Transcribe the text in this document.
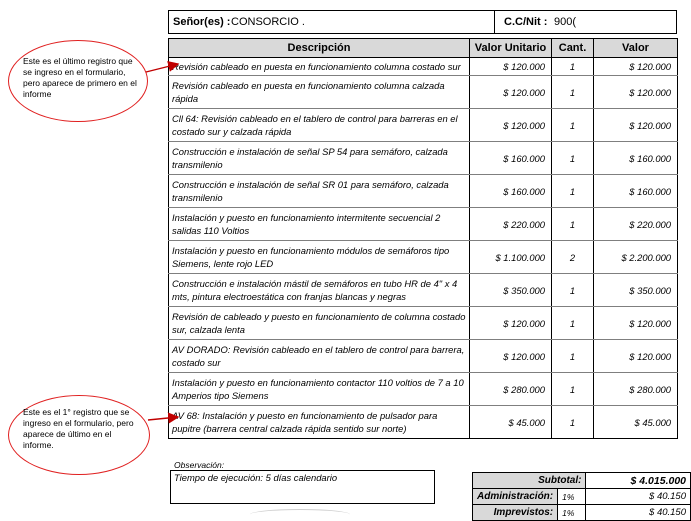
Señor(es) : CONSORCIO .	C.C/Nit : 900(
Descripción	Valor Unitario	Cant.	Valor
Revisión cableado en puesta en funcionamiento columna costado sur	$ 120.000	1	$ 120.000
Revisión cableado en puesta en funcionamiento columna calzada rápida	$ 120.000	1	$ 120.000
Cll 64: Revisión cableado en el tablero de control para barreras en el costado sur y calzada rápida	$ 120.000	1	$ 120.000
Construcción e instalación de señal SP 54 para semáforo, calzada transmilenio	$ 160.000	1	$ 160.000
Construcción e instalación de señal SR 01 para semáforo, calzada transmilenio	$ 160.000	1	$ 160.000
Instalación y puesto en funcionamiento intermitente secuencial 2 salidas 110 Voltios	$ 220.000	1	$ 220.000
Instalación y puesto en funcionamiento módulos de semáforos tipo Siemens, lente rojo LED	$ 1.100.000	2	$ 2.200.000
Construcción e instalación mástil de semáforos en tubo HR de 4" x 4 mts, pintura electroestática con franjas blancas y negras	$ 350.000	1	$ 350.000
Revisión de cableado y puesto en funcionamiento de columna costado sur, calzada lenta	$ 120.000	1	$ 120.000
AV DORADO: Revisión cableado en el tablero de control para barrera, costado sur	$ 120.000	1	$ 120.000
Instalación y puesto en funcionamiento contactor 110 voltios de 7 a 10 Amperios tipo Siemens	$ 280.000	1	$ 280.000
AV 68: Instalación y puesto en funcionamiento de pulsador para pupitre (barrera central calzada rápida sentido sur norte)	$ 45.000	1	$ 45.000
Este es el último registro que se ingreso en el formulario, pero aparece de primero en el informe
Este es el 1° registro que se ingreso en el formulario, pero aparece de último en el informe.
Observación:
Tiempo de ejecución: 5 días calendario	Subtotal:		$ 4.015.000
Administración:	1%	$ 40.150
Imprevistos:	1%	$ 40.150
